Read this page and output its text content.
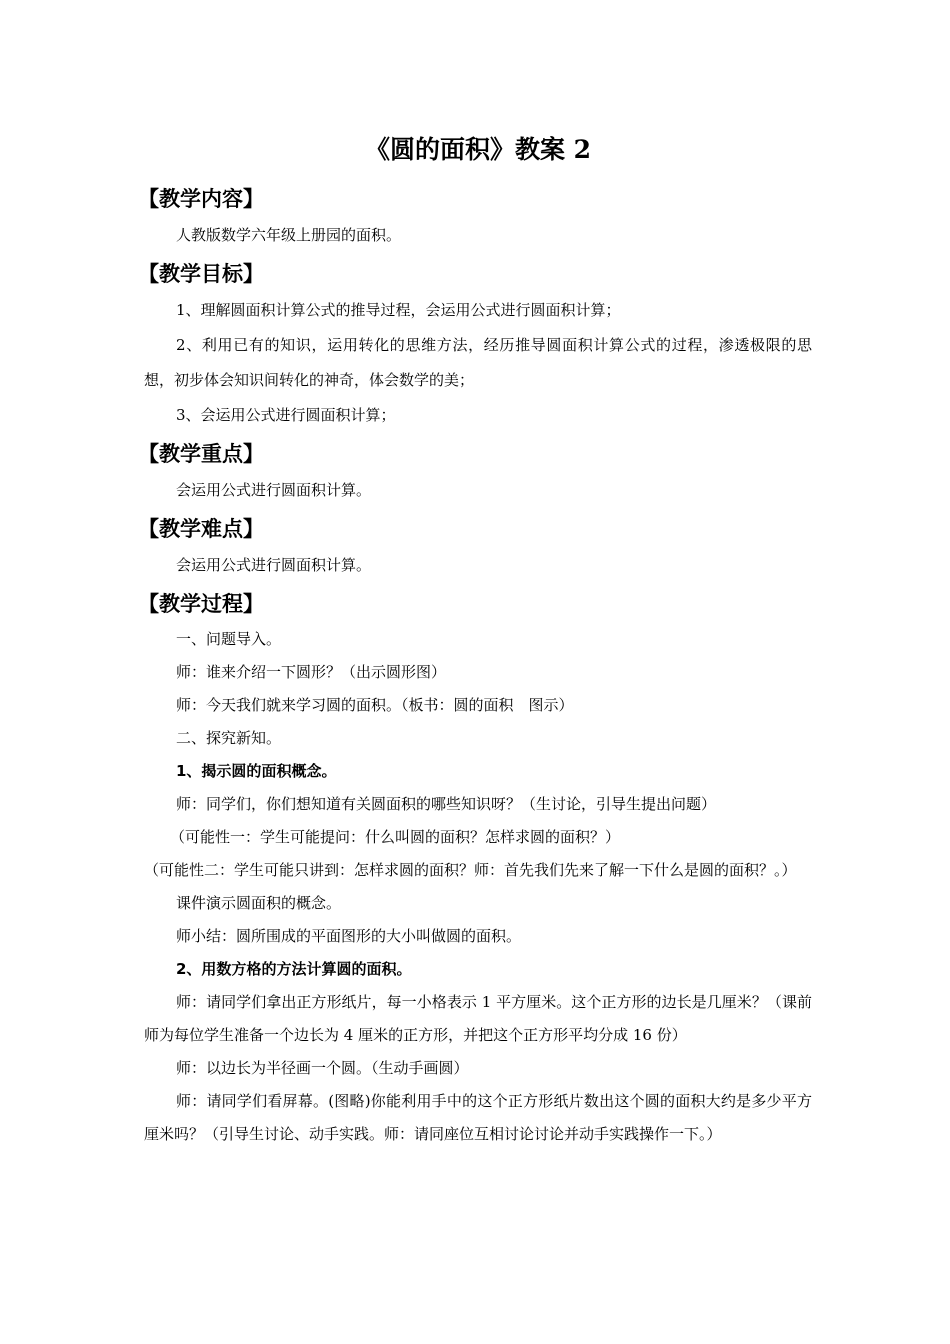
《圆的面积》教案 2
【教学内容】

人教版数学六年级上册园的面积。

【教学目标】

1、理解圆面积计算公式的推导过程，会运用公式进行圆面积计算；

2、利用已有的知识，运用转化的思维方法，经历推导圆面积计算公式的过程，渗透极限的思想，初步体会知识间转化的神奇，体会数学的美；

3、会运用公式进行圆面积计算；

【教学重点】

会运用公式进行圆面积计算。

【教学难点】

会运用公式进行圆面积计算。

【教学过程】

一、问题导入。

师：谁来介绍一下圆形？（出示圆形图）

师：今天我们就来学习圆的面积。（板书：圆的面积　图示）

二、探究新知。

1、揭示圆的面积概念。

师：同学们，你们想知道有关圆面积的哪些知识呀？（生讨论，引导生提出问题）

（可能性一：学生可能提问：什么叫圆的面积？怎样求圆的面积？）

（可能性二：学生可能只讲到：怎样求圆的面积？师：首先我们先来了解一下什么是圆的面积？。）

课件演示圆面积的概念。

师小结：圆所围成的平面图形的大小叫做圆的面积。

2、用数方格的方法计算圆的面积。

师：请同学们拿出正方形纸片，每一小格表示 1 平方厘米。这个正方形的边长是几厘米？（课前师为每位学生准备一个边长为 4 厘米的正方形，并把这个正方形平均分成 16 份）

师：以边长为半径画一个圆。（生动手画圆）

师：请同学们看屏幕。(图略)你能利用手中的这个正方形纸片数出这个圆的面积大约是多少平方厘米吗？（引导生讨论、动手实践。师：请同座位互相讨论讨论并动手实践操作一下。）
